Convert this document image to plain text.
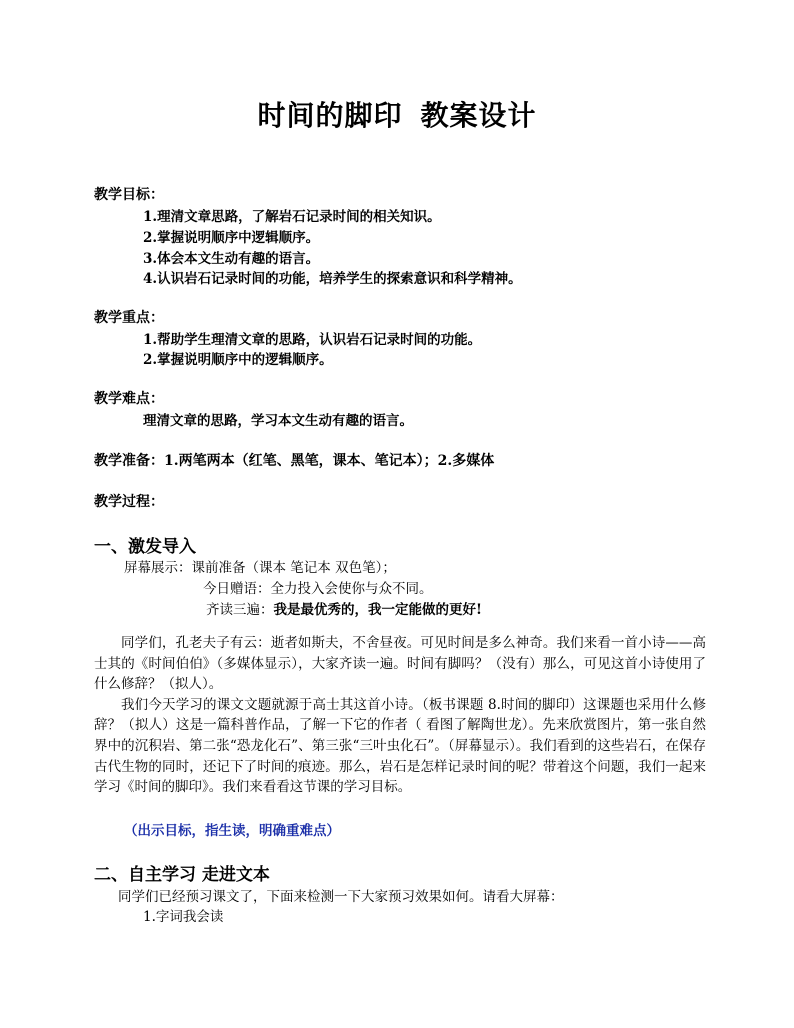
时间的脚印 教案设计
教学目标：
1.理清文章思路，了解岩石记录时间的相关知识。
2.掌握说明顺序中逻辑顺序。
3.体会本文生动有趣的语言。
4.认识岩石记录时间的功能，培养学生的探索意识和科学精神。
教学重点：
1.帮助学生理清文章的思路，认识岩石记录时间的功能。
2.掌握说明顺序中的逻辑顺序。
教学难点：
理清文章的思路，学习本文生动有趣的语言。
教学准备：1.两笔两本（红笔、黑笔，课本、笔记本）；2.多媒体
教学过程：
一、激发导入
屏幕展示：课前准备（课本 笔记本 双色笔）；
今日赠语：全力投入会使你与众不同。
齐读三遍：我是最优秀的，我一定能做的更好!

同学们，孔老夫子有云：逝者如斯夫，不舍昼夜。可见时间是多么神奇。我们来看一首小诗——高士其的《时间伯伯》（多媒体显示），大家齐读一遍。时间有脚吗？（没有）那么，可见这首小诗使用了什么修辞？（拟人）。

我们今天学习的课文文题就源于高士其这首小诗。（板书课题 8.时间的脚印）这课题也采用什么修辞？（拟人）这是一篇科普作品，了解一下它的作者（ 看图了解陶世龙）。先来欣赏图片，第一张自然界中的沉积岩、第二张“恐龙化石”、第三张“三叶虫化石”。（屏幕显示）。我们看到的这些岩石，在保存古代生物的同时，还记下了时间的痕迹。那么，岩石是怎样记录时间的呢？带着这个问题，我们一起来学习《时间的脚印》。我们来看看这节课的学习目标。

（出示目标，指生读，明确重难点）
二、自主学习 走进文本
同学们已经预习课文了，下面来检测一下大家预习效果如何。请看大屏幕：
1.字词我会读
